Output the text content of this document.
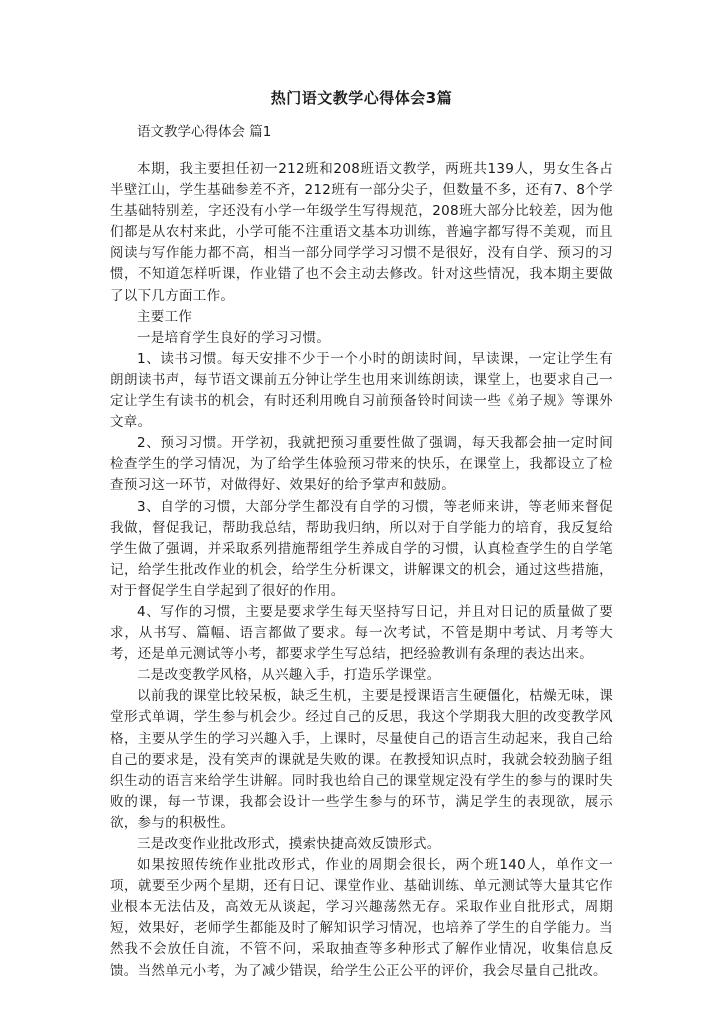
热门语文教学心得体会3篇
语文教学心得体会 篇1

本期，我主要担任初一212班和208班语文教学，两班共139人，男女生各占半壁江山，学生基础参差不齐，212班有一部分尖子，但数量不多，还有7、8个学生基础特别差，字还没有小学一年级学生写得规范，208班大部分比较差，因为他们都是从农村来此，小学可能不注重语文基本功训练，普遍字都写得不美观，而且阅读与写作能力都不高，相当一部分同学学习习惯不是很好，没有自学、预习的习惯，不知道怎样听课，作业错了也不会主动去修改。针对这些情况，我本期主要做了以下几方面工作。

主要工作

一是培育学生良好的学习习惯。

1、读书习惯。每天安排不少于一个小时的朗读时间，早读课，一定让学生有朗朗读书声，每节语文课前五分钟让学生也用来训练朗读，课堂上，也要求自己一定让学生有读书的机会，有时还利用晚自习前预备铃时间读一些《弟子规》等课外文章。

2、预习习惯。开学初，我就把预习重要性做了强调，每天我都会抽一定时间检查学生的学习情况，为了给学生体验预习带来的快乐，在课堂上，我都设立了检查预习这一环节，对做得好、效果好的给予掌声和鼓励。

3、自学的习惯，大部分学生都没有自学的习惯，等老师来讲，等老师来督促我做，督促我记，帮助我总结，帮助我归纳，所以对于自学能力的培育，我反复给学生做了强调，并采取系列措施帮组学生养成自学的习惯，认真检查学生的自学笔记，给学生批改作业的机会，给学生分析课文，讲解课文的机会，通过这些措施，对于督促学生自学起到了很好的作用。

4、写作的习惯，主要是要求学生每天坚持写日记，并且对日记的质量做了要求，从书写、篇幅、语言都做了要求。每一次考试，不管是期中考试、月考等大考，还是单元测试等小考，都要求学生写总结，把经验教训有条理的表达出来。

二是改变教学风格，从兴趣入手，打造乐学课堂。

以前我的课堂比较呆板，缺乏生机，主要是授课语言生硬僵化，枯燥无味，课堂形式单调，学生参与机会少。经过自己的反思，我这个学期我大胆的改变教学风格，主要从学生的学习兴趣入手，上课时，尽量使自己的语言生动起来，我自己给自己的要求是，没有笑声的课就是失败的课。在教授知识点时，我就会较劲脑子组织生动的语言来给学生讲解。同时我也给自己的课堂规定没有学生的参与的课时失败的课，每一节课，我都会设计一些学生参与的环节，满足学生的表现欲，展示欲，参与的积极性。

三是改变作业批改形式，摸索快捷高效反馈形式。

如果按照传统作业批改形式，作业的周期会很长，两个班140人，单作文一项，就要至少两个星期，还有日记、课堂作业、基础训练、单元测试等大量其它作业根本无法估及，高效无从谈起，学习兴趣荡然无存。采取作业自批形式，周期短，效果好，老师学生都能及时了解知识学习情况，也培养了学生的自学能力。当然我不会放任自流，不管不问，采取抽查等多种形式了解作业情况，收集信息反馈。当然单元小考，为了减少错误，给学生公正公平的评价，我会尽量自己批改。
